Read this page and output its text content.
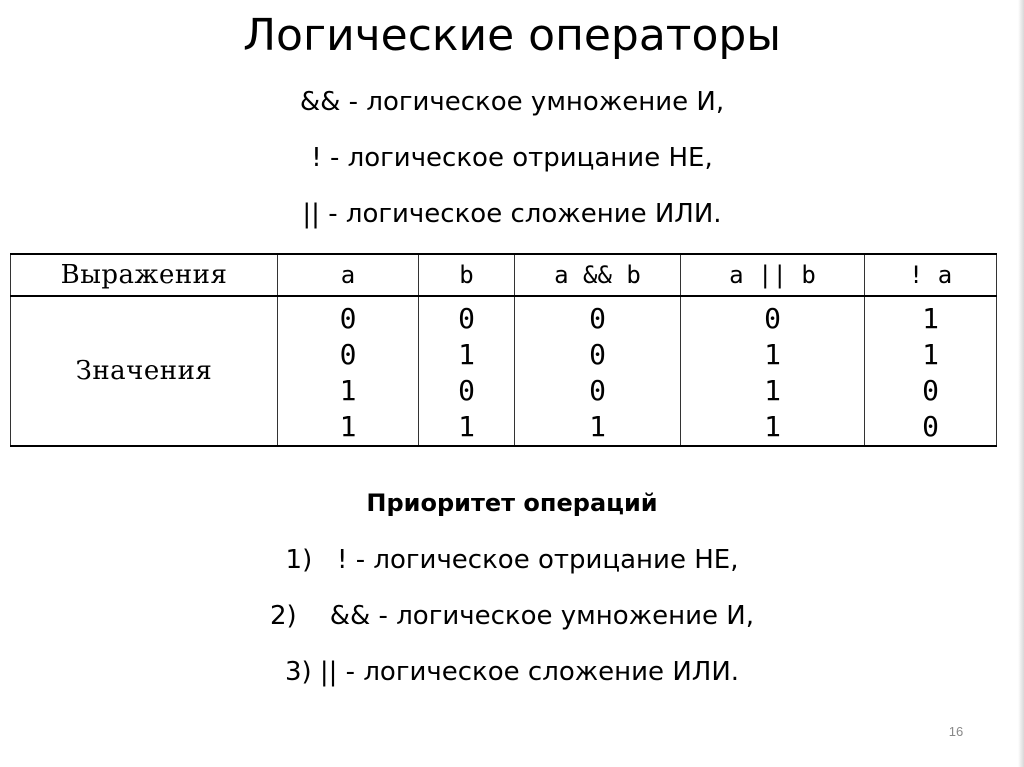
Логические операторы
&& - логическое умножение И,
! - логическое отрицание НЕ,
|| - логическое сложение ИЛИ.
Выражения	a	b	a && b	a || b	! a
Значения	0
0
1
1	0
1
0
1	0
0
0
1	0
1
1
1	1
1
0
0
Приоритет операций
1)   ! - логическое отрицание НЕ,
2)    && - логическое умножение И,
3) || - логическое сложение ИЛИ.
16
